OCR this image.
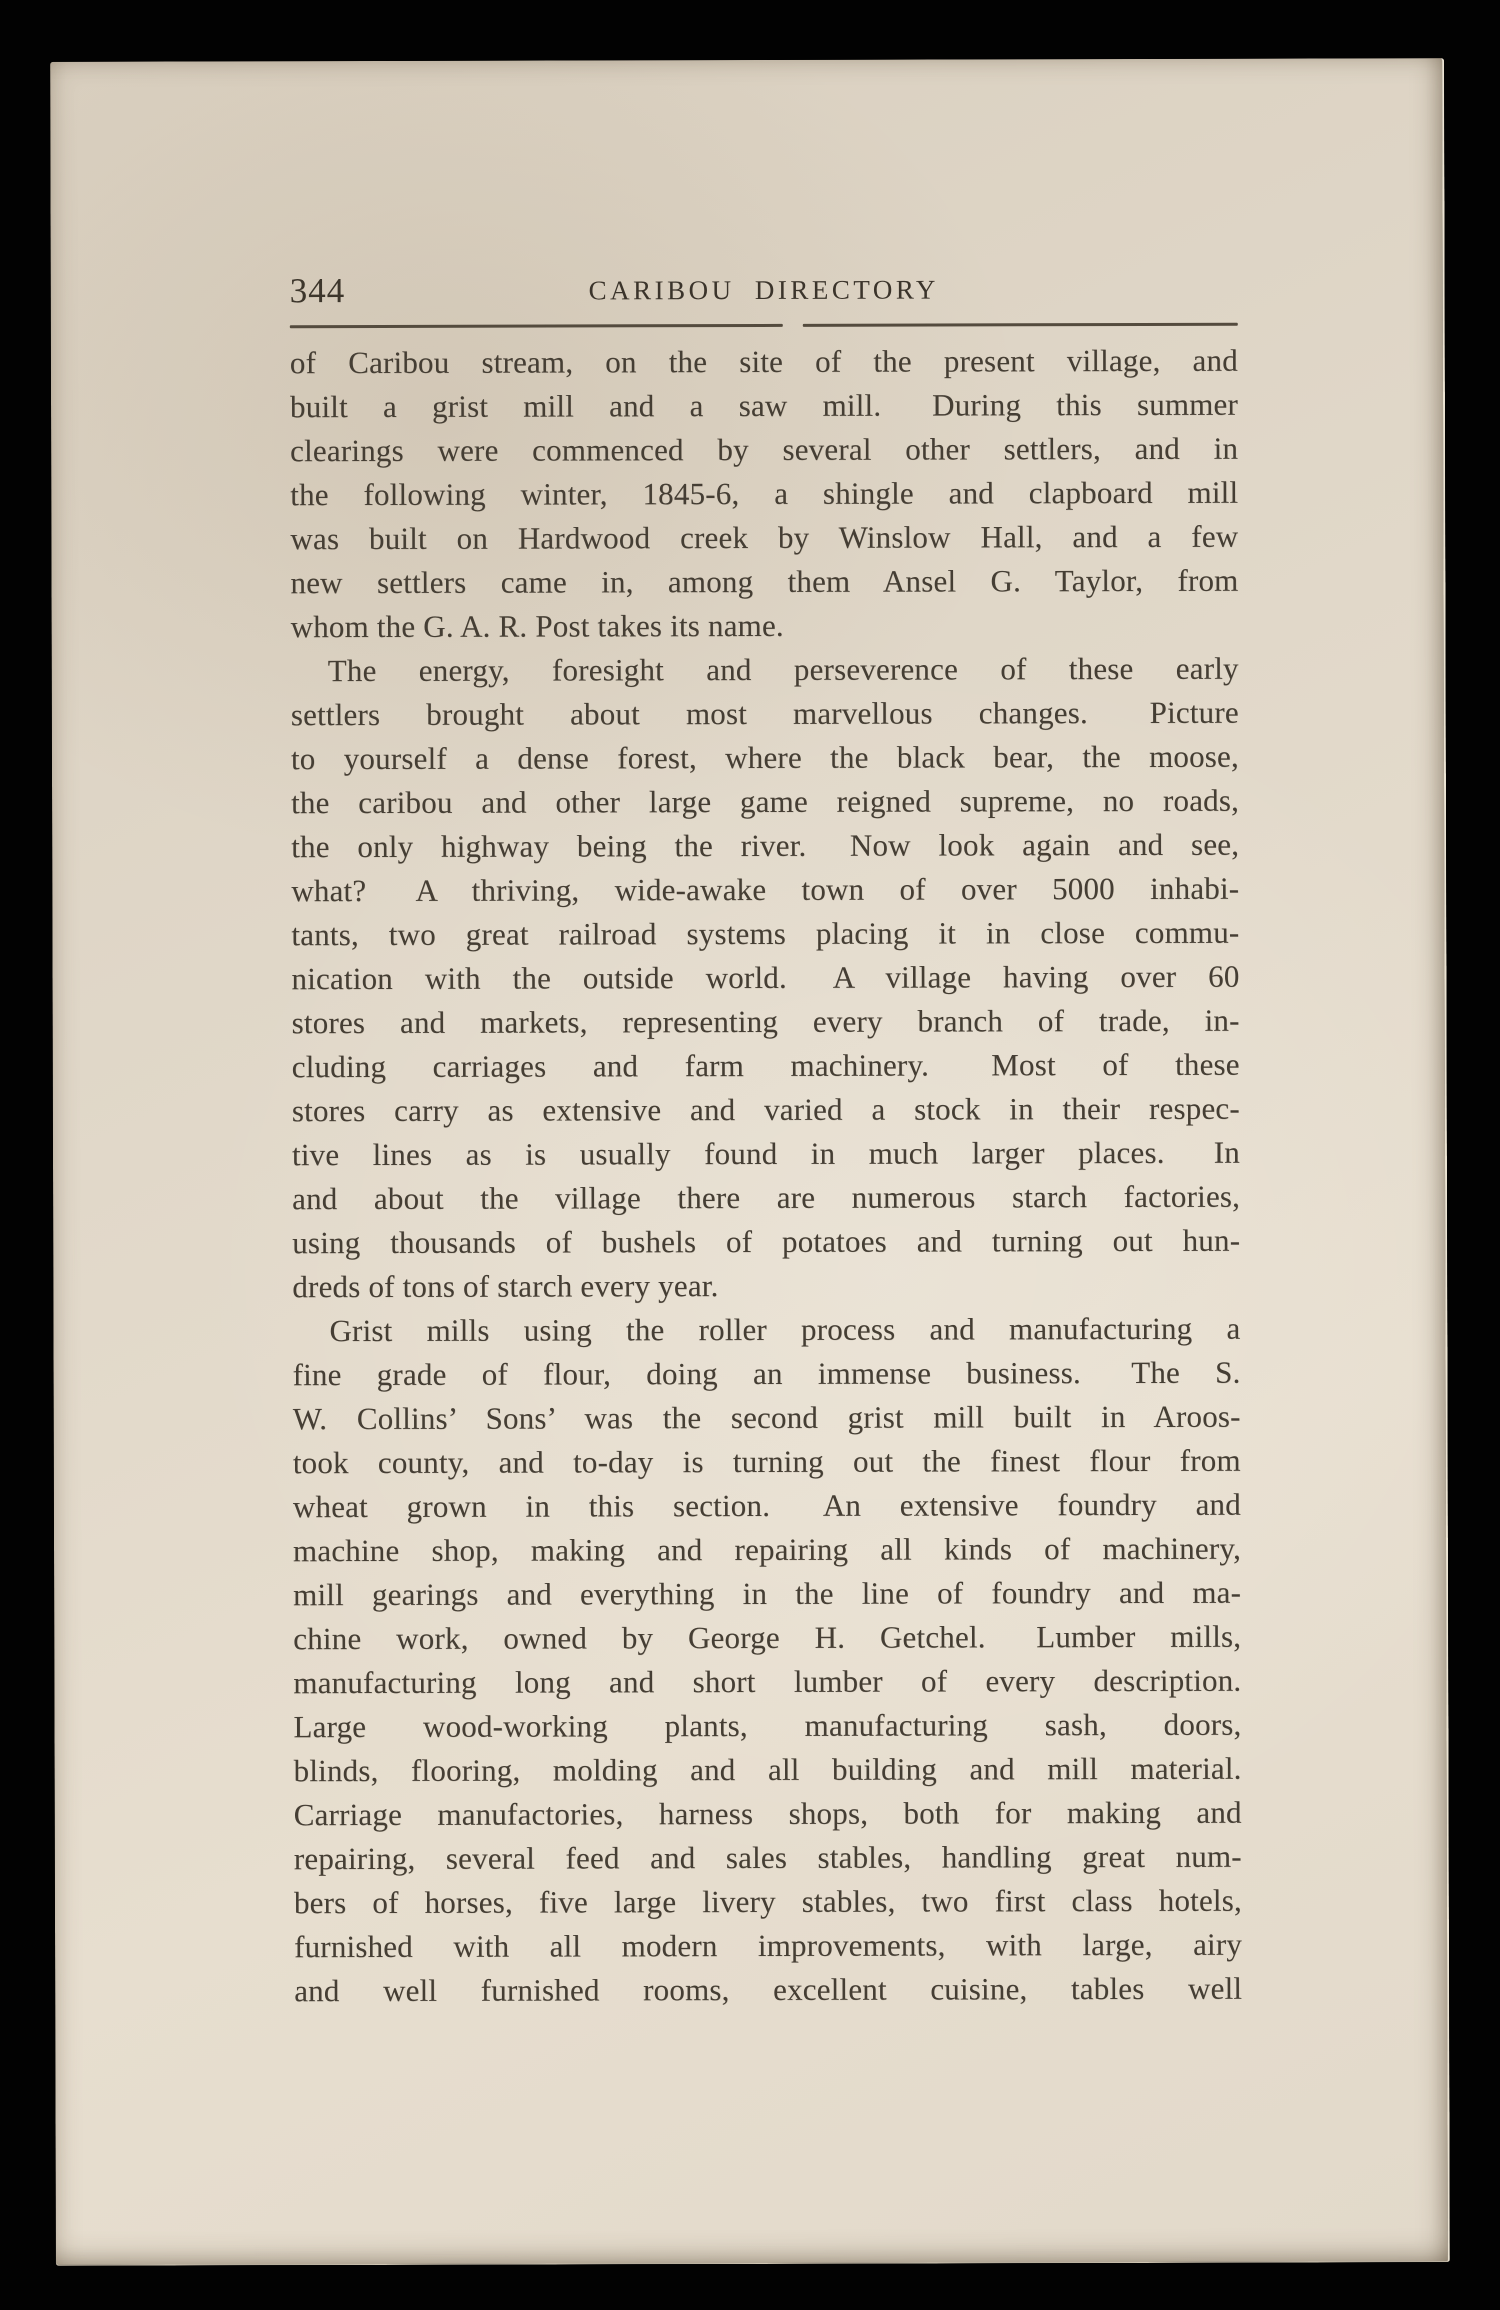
344	CARIBOU DIRECTORY
of Caribou stream, on the site of the present village, and
built a grist mill and a saw mill.  During this summer
clearings were commenced by several other settlers, and in
the following winter, 1845-6, a shingle and clapboard mill
was built on Hardwood creek by Winslow Hall, and a few
new settlers came in, among them Ansel G. Taylor, from
whom the G. A. R. Post takes its name.
The energy, foresight and perseverence of these early
settlers brought about most marvellous changes.  Picture
to yourself a dense forest, where the black bear, the moose,
the caribou and other large game reigned supreme, no roads,
the only highway being the river.  Now look again and see,
what?  A thriving, wide-awake town of over 5000 inhabi-
tants, two great railroad systems placing it in close commu-
nication with the outside world.  A village having over 60
stores and markets, representing every branch of trade, in-
cluding carriages and farm machinery.  Most of these
stores carry as extensive and varied a stock in their respec-
tive lines as is usually found in much larger places.  In
and about the village there are numerous starch factories,
using thousands of bushels of potatoes and turning out hun-
dreds of tons of starch every year.
Grist mills using the roller process and manufacturing a
fine grade of flour, doing an immense business.  The S.
W. Collins’ Sons’ was the second grist mill built in Aroos-
took county, and to-day is turning out the finest flour from
wheat grown in this section.  An extensive foundry and
machine shop, making and repairing all kinds of machinery,
mill gearings and everything in the line of foundry and ma-
chine work, owned by George H. Getchel.  Lumber mills,
manufacturing long and short lumber of every description.
Large wood-working plants, manufacturing sash, doors,
blinds, flooring, molding and all building and mill material.
Carriage manufactories, harness shops, both for making and
repairing, several feed and sales stables, handling great num-
bers of horses, five large livery stables, two first class hotels,
furnished with all modern improvements, with large, airy
and well furnished rooms, excellent cuisine, tables well
